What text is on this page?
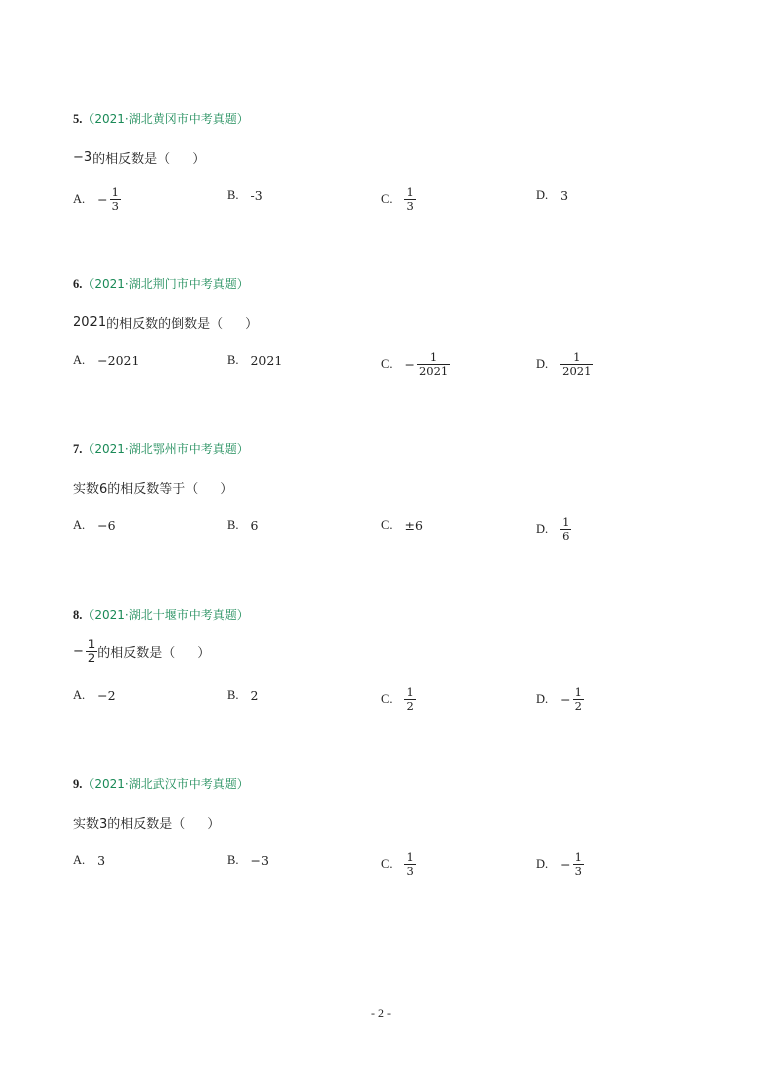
5.（2021·湖北黄冈市中考真题）
−3 的相反数是（ ）
A. − $\frac{1}{3}$	B. -3	C. $\frac{1}{3}$	D. 3
6.（2021·湖北荆门市中考真题）
2021 的相反数的倒数是（ ）
A. −2021	B. 2021	C. − $\frac{1}{2021}$	D. $\frac{1}{2021}$
7.（2021·湖北鄂州市中考真题）
实数6 的相反数等于（ ）
A. −6	B. 6	C. ±6	D. $\frac{1}{6}$
8.（2021·湖北十堰市中考真题）
− $\frac{1}{2}$ 的相反数是（ ）
A. −2	B. 2	C. $\frac{1}{2}$	D. − $\frac{1}{2}$
9.（2021·湖北武汉市中考真题）
实数3 的相反数是（ ）
A. 3	B. −3	C. $\frac{1}{3}$	D. − $\frac{1}{3}$
- 2 -
